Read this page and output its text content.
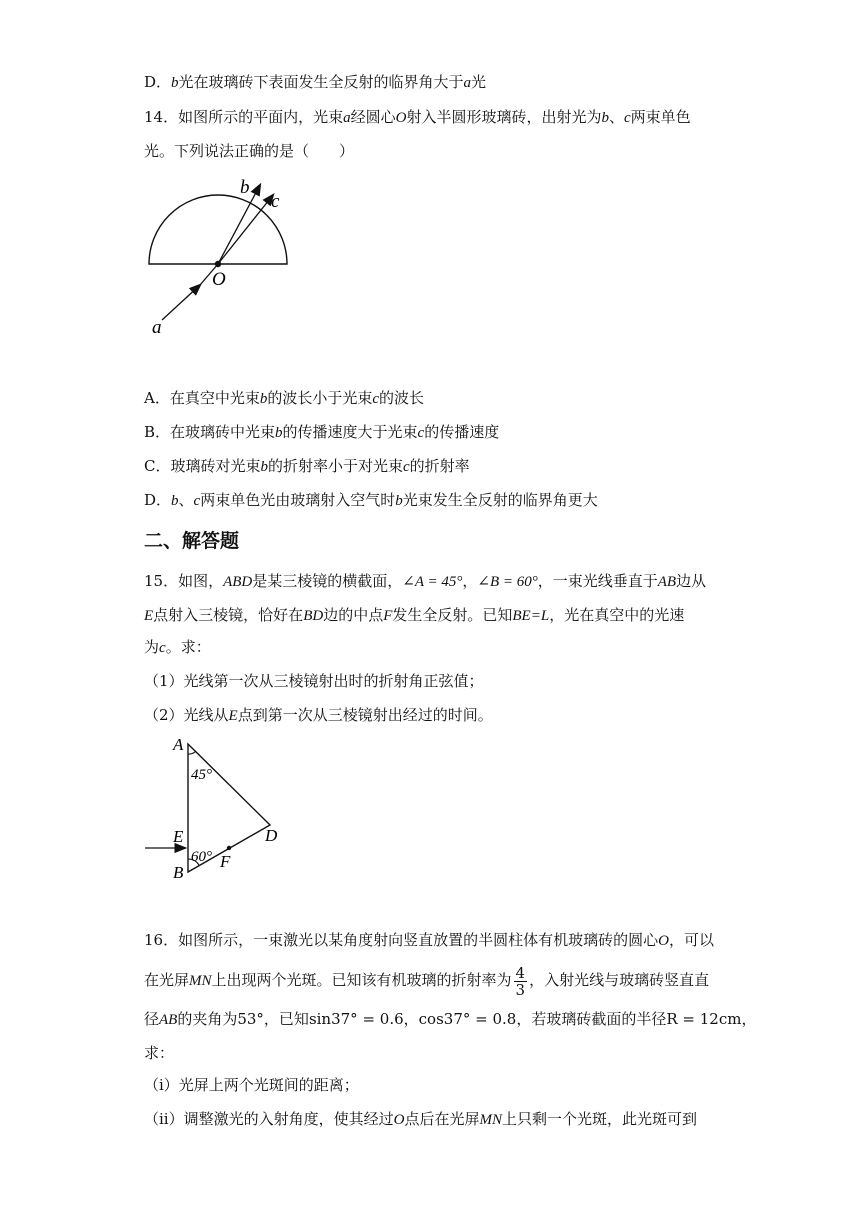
D．b光在玻璃砖下表面发生全反射的临界角大于a光
14．如图所示的平面内，光束a经圆心O射入半圆形玻璃砖，出射光为b、c两束单色
光。下列说法正确的是（　　）
b
c
O
a
A．在真空中光束b的波长小于光束c的波长
B．在玻璃砖中光束b的传播速度大于光束c的传播速度
C．玻璃砖对光束b的折射率小于对光束c的折射率
D．b、c两束单色光由玻璃射入空气时b光束发生全反射的临界角更大
二、解答题
15．如图，ABD是某三棱镜的横截面，∠A = 45°，∠B = 60°，一束光线垂直于AB边从
E点射入三棱镜，恰好在BD边的中点F发生全反射。已知BE=L，光在真空中的光速
为c。求：
（1）光线第一次从三棱镜射出时的折射角正弦值；
（2）光线从E点到第一次从三棱镜射出经过的时间。
A
45°
E
60°
B
D
F
16．如图所示，一束激光以某角度射向竖直放置的半圆柱体有机玻璃砖的圆心O，可以
在光屏MN上出现两个光斑。已知该有机玻璃的折射率为 $\frac{4}{3}$ ，入射光线与玻璃砖竖直直
径AB的夹角为53°，已知sin37° = 0.6，cos37° = 0.8，若玻璃砖截面的半径R = 12cm，
求：
（i）光屏上两个光斑间的距离；
（ii）调整激光的入射角度，使其经过O点后在光屏MN上只剩一个光斑，此光斑可到
